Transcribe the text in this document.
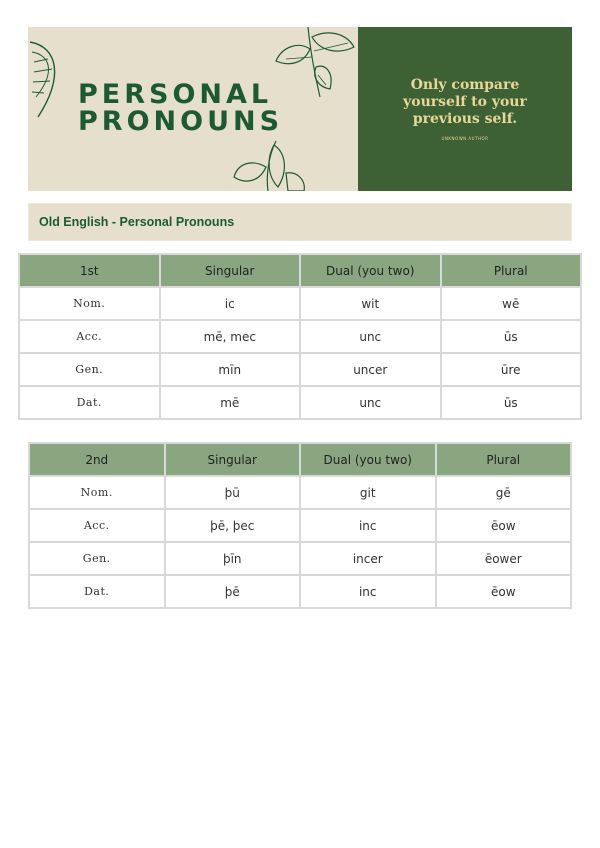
PERSONAL
PRONOUNS
Only compare yourself to your previous self.
UNKNOWN AUTHOR
Old English - Personal Pronouns
1st	Singular	Dual (you two)	Plural
Nom.	ic	wit	wē
Acc.	mē, mec	unc	ūs
Gen.	mīn	uncer	ūre
Dat.	mē	unc	ūs
2nd	Singular	Dual (you two)	Plural
Nom.	þū	git	gē
Acc.	þē, þec	inc	ēow
Gen.	þīn	incer	ēower
Dat.	þē	inc	ēow
